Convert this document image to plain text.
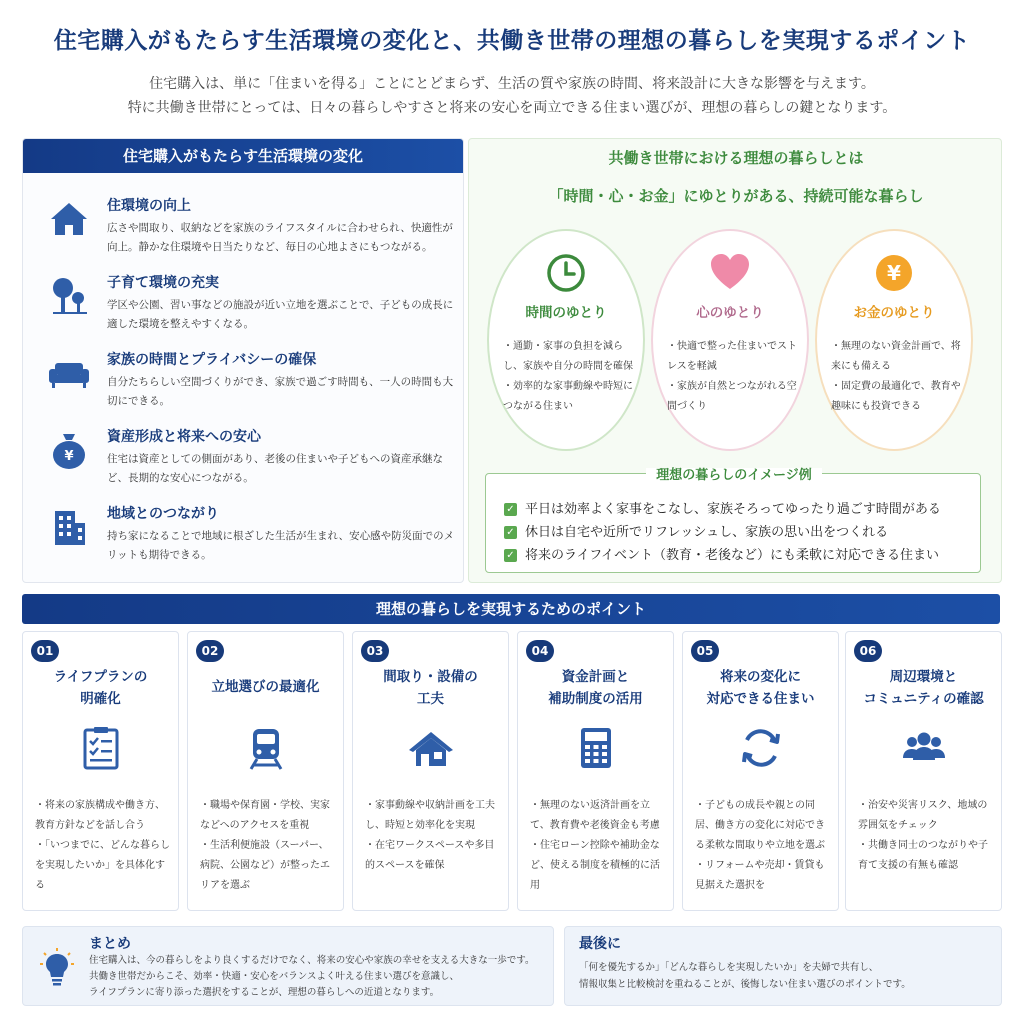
住宅購入がもたらす生活環境の変化と、共働き世帯の理想の暮らしを実現するポイント
住宅購入は、単に「住まいを得る」ことにとどまらず、生活の質や家族の時間、将来設計に大きな影響を与えます。
特に共働き世帯にとっては、日々の暮らしやすさと将来の安心を両立できる住まい選びが、理想の暮らしの鍵となります。
住宅購入がもたらす生活環境の変化
住環境の向上
広さや間取り、収納などを家族のライフスタイルに合わせられ、快適性が向上。静かな住環境や日当たりなど、毎日の心地よさにもつながる。
子育て環境の充実
学区や公園、習い事などの施設が近い立地を選ぶことで、子どもの成長に適した環境を整えやすくなる。
家族の時間とプライバシーの確保
自分たちらしい空間づくりができ、家族で過ごす時間も、一人の時間も大切にできる。
¥
資産形成と将来への安心
住宅は資産としての側面があり、老後の住まいや子どもへの資産承継など、長期的な安心につながる。
地域とのつながり
持ち家になることで地域に根ざした生活が生まれ、安心感や防災面でのメリットも期待できる。
共働き世帯における理想の暮らしとは
「時間・心・お金」にゆとりがある、持続可能な暮らし
時間のゆとり
・通勤・家事の負担を減らし、家族や自分の時間を確保
・効率的な家事動線や時短につながる住まい
心のゆとり
・快適で整った住まいでストレスを軽減
・家族が自然とつながれる空間づくり
¥
お金のゆとり
・無理のない資金計画で、将来にも備える
・固定費の最適化で、教育や趣味にも投資できる
理想の暮らしのイメージ例
✓ 平日は効率よく家事をこなし、家族そろってゆったり過ごす時間がある
✓ 休日は自宅や近所でリフレッシュし、家族の思い出をつくれる
✓ 将来のライフイベント（教育・老後など）にも柔軟に対応できる住まい
理想の暮らしを実現するためのポイント
01
ライフプランの
明確化
・将来の家族構成や働き方、教育方針などを話し合う
・「いつまでに、どんな暮らしを実現したいか」を具体化する
02
立地選びの最適化
・職場や保育園・学校、実家などへのアクセスを重視
・生活利便施設（スーパー、病院、公園など）が整ったエリアを選ぶ
03
間取り・設備の
工夫
・家事動線や収納計画を工夫し、時短と効率化を実現
・在宅ワークスペースや多目的スペースを確保
04
資金計画と
補助制度の活用
・無理のない返済計画を立て、教育費や老後資金も考慮
・住宅ローン控除や補助金など、使える制度を積極的に活用
05
将来の変化に
対応できる住まい
・子どもの成長や親との同居、働き方の変化に対応できる柔軟な間取りや立地を選ぶ
・リフォームや売却・賃貸も見据えた選択を
06
周辺環境と
コミュニティの確認
・治安や災害リスク、地域の雰囲気をチェック
・共働き同士のつながりや子育て支援の有無も確認
まとめ
住宅購入は、今の暮らしをより良くするだけでなく、将来の安心や家族の幸せを支える大きな一歩です。
共働き世帯だからこそ、効率・快適・安心をバランスよく叶える住まい選びを意識し、
ライフプランに寄り添った選択をすることが、理想の暮らしへの近道となります。
最後に
「何を優先するか」「どんな暮らしを実現したいか」を夫婦で共有し、
情報収集と比較検討を重ねることが、後悔しない住まい選びのポイントです。
